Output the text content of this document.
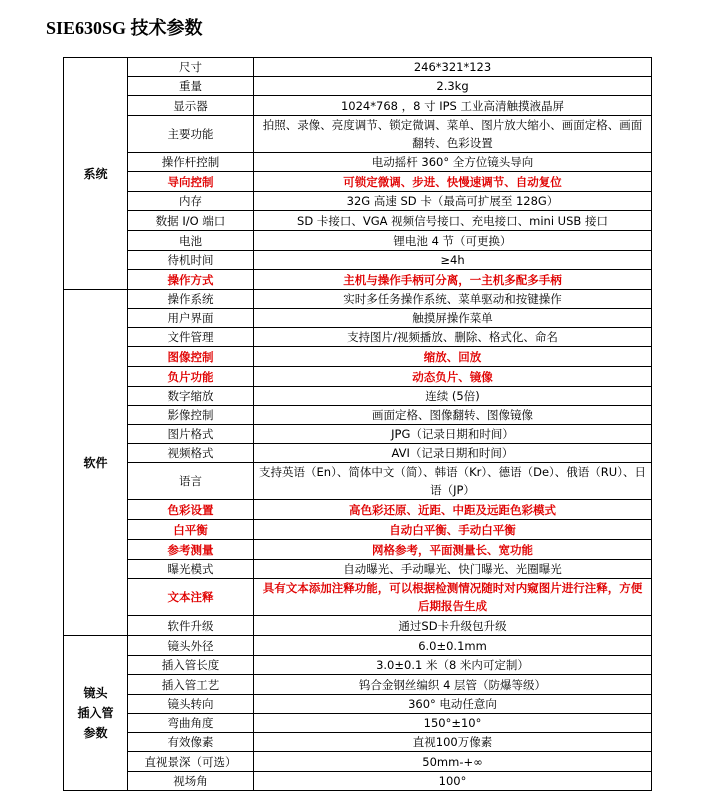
SIE630SG 技术参数
系统	尺寸	246*321*123
	重量	2.3kg
	显示器	1024*768 ，8 寸 IPS 工业高清触摸液晶屏
	主要功能	拍照、录像、亮度调节、锁定微调、菜单、图片放大缩小、画面定格、画面翻转、色彩设置
	操作杆控制	电动摇杆 360° 全方位镜头导向
	导向控制	可锁定微调、步进、快慢速调节、自动复位
	内存	32G 高速 SD 卡（最高可扩展至 128G）
	数据 I/O 端口	SD 卡接口、VGA 视频信号接口、充电接口、mini USB 接口
	电池	锂电池 4 节（可更换）
	待机时间	≥4h
	操作方式	主机与操作手柄可分离，一主机多配多手柄
软件	操作系统	实时多任务操作系统、菜单驱动和按键操作
	用户界面	触摸屏操作菜单
	文件管理	支持图片/视频播放、删除、格式化、命名
	图像控制	缩放、回放
	负片功能	动态负片、镜像
	数字缩放	连续 (5倍)
	影像控制	画面定格、图像翻转、图像镜像
	图片格式	JPG（记录日期和时间）
	视频格式	AVI（记录日期和时间）
	语言	支持英语（En）、简体中文（简）、韩语（Kr）、德语（De）、俄语（RU）、日语（JP）
	色彩设置	高色彩还原、近距、中距及远距色彩模式
	白平衡	自动白平衡、手动白平衡
	参考测量	网格参考，平面测量长、宽功能
	曝光模式	自动曝光、手动曝光、快门曝光、光圈曝光
	文本注释	具有文本添加注释功能，可以根据检测情况随时对内窥图片进行注释，方便后期报告生成
	软件升级	通过SD卡升级包升级

镜头
插入管
参数	镜头外径	6.0±0.1mm
	插入管长度	3.0±0.1 米（8 米内可定制）
	插入管工艺	钨合金钢丝编织 4 层管（防爆等级）
	镜头转向	360° 电动任意向
	弯曲角度	150°±10°
	有效像素	直视100万像素
	直视景深（可选）	50mm-+∞
	视场角	100°
